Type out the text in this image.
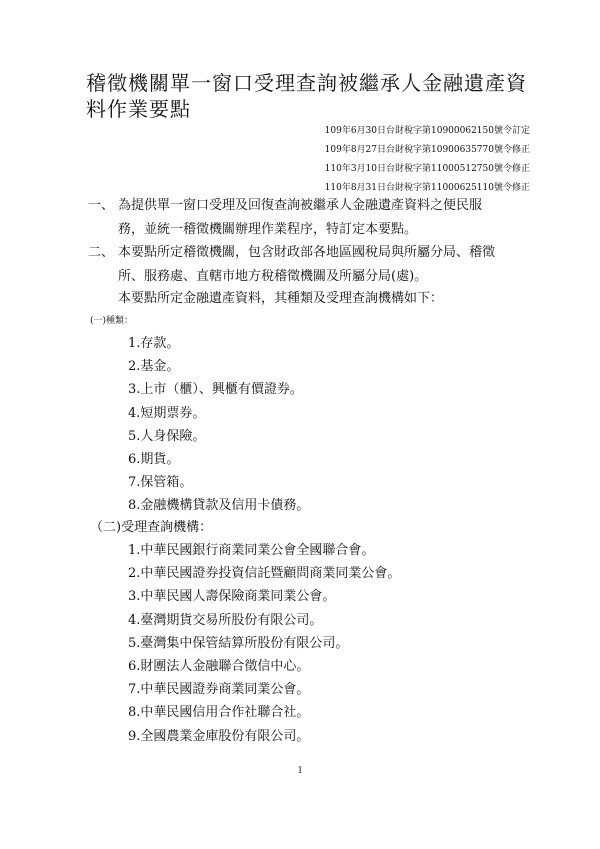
稽徵機關單一窗口受理查詢被繼承人金融遺產資料作業要點
109年6月30日台財稅字第10900062150號令訂定
109年8月27日台財稅字第10900635770號令修正
110年3月10日台財稅字第11000512750號令修正
110年8月31日台財稅字第11000625110號令修正
一、 為提供單一窗口受理及回復查詢被繼承人金融遺產資料之便民服
務，並統一稽徵機關辦理作業程序，特訂定本要點。
二、 本要點所定稽徵機關，包含財政部各地區國稅局與所屬分局、稽徵
所、服務處、直轄市地方稅稽徵機關及所屬分局(處)。
本要點所定金融遺產資料，其種類及受理查詢機構如下：
(一)種類：
1.存款。
2.基金。
3.上市（櫃）、興櫃有價證券。
4.短期票券。
5.人身保險。
6.期貨。
7.保管箱。
8.金融機構貸款及信用卡債務。
（二)受理查詢機構：
1.中華民國銀行商業同業公會全國聯合會。
2.中華民國證券投資信託暨顧問商業同業公會。
3.中華民國人壽保險商業同業公會。
4.臺灣期貨交易所股份有限公司。
5.臺灣集中保管結算所股份有限公司。
6.財團法人金融聯合徵信中心。
7.中華民國證券商業同業公會。
8.中華民國信用合作社聯合社。
9.全國農業金庫股份有限公司。
1
